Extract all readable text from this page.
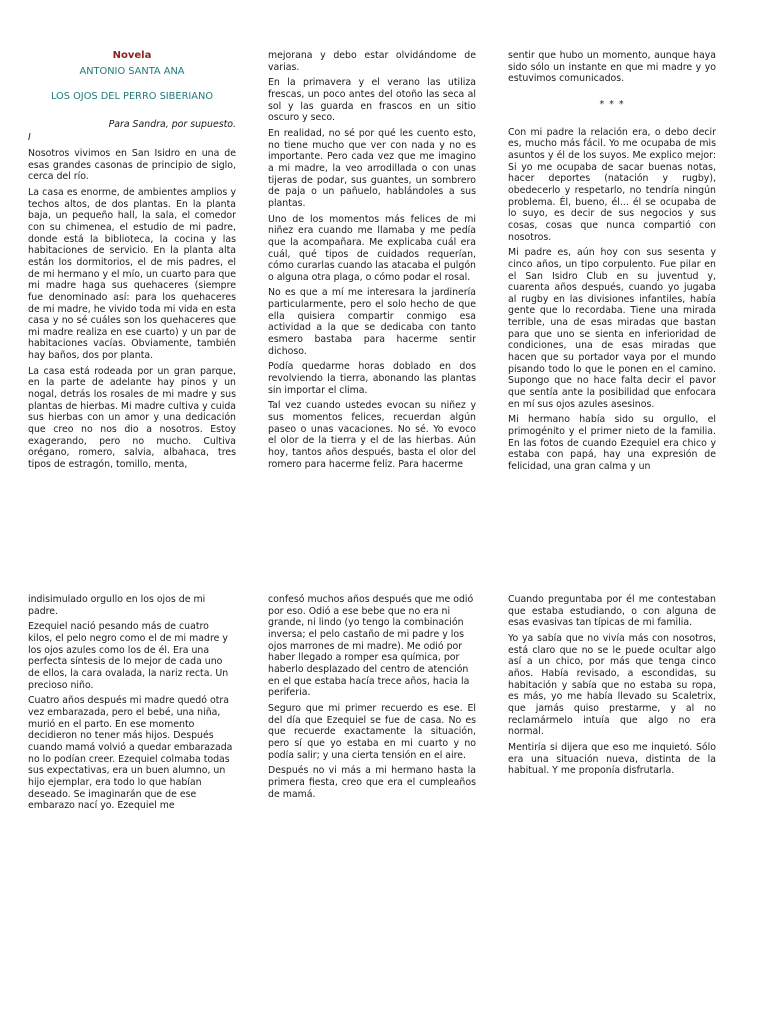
Novela
ANTONIO SANTA ANA
LOS OJOS DEL PERRO SIBERIANO
Para Sandra, por supuesto.
I

Nosotros vivimos en San Isidro en una de esas grandes casonas de principio de siglo, cerca del río.

La casa es enorme, de ambientes amplios y techos altos, de dos plantas. En la planta baja, un pequeño hall, la sala, el comedor con su chimenea, el estudio de mi padre, donde está la biblioteca, la cocina y las habitaciones de servicio. En la planta alta están los dormitorios, el de mis padres, el de mi hermano y el mío, un cuarto para que mi madre haga sus quehaceres (siempre fue denominado así: para los quehaceres de mi madre, he vivido toda mi vida en esta casa y no sé cuáles son los quehaceres que mi madre realiza en ese cuarto) y un par de habitaciones vacías. Obviamente, también hay baños, dos por planta.

La casa está rodeada por un gran parque, en la parte de adelante hay pinos y un nogal, detrás los rosales de mi madre y sus plantas de hierbas. Mi madre cultiva y cuida sus hierbas con un amor y una dedicación que creo no nos dio a nosotros. Estoy exagerando, pero no mucho. Cultiva orégano, romero, salvia, albahaca, tres tipos de estragón, tomillo, menta,

mejorana y debo estar olvidándome de varias.

En la primavera y el verano las utiliza frescas, un poco antes del otoño las seca al sol y las guarda en frascos en un sitio oscuro y seco.

En realidad, no sé por qué les cuento esto, no tiene mucho que ver con nada y no es importante. Pero cada vez que me imagino a mi madre, la veo arrodillada o con unas tijeras de podar, sus guantes, un sombrero de paja o un pañuelo, hablándoles a sus plantas.

Uno de los momentos más felices de mi niñez era cuando me llamaba y me pedía que la acompañara. Me explicaba cuál era cuál, qué tipos de cuidados requerían, cómo curarlas cuando las atacaba el pulgón o alguna otra plaga, o cómo podar el rosal.

No es que a mí me interesara la jardinería particularmente, pero el solo hecho de que ella quisiera compartir conmigo esa actividad a la que se dedicaba con tanto esmero bastaba para hacerme sentir dichoso.

Podía quedarme horas doblado en dos revolviendo la tierra, abonando las plantas sin importar el clima.

Tal vez cuando ustedes evocan su niñez y sus momentos felices, recuerdan algún paseo o unas vacaciones. No sé. Yo evoco el olor de la tierra y el de las hierbas. Aún hoy, tantos años después, basta el olor del romero para hacerme feliz. Para hacerme

sentir que hubo un momento, aunque haya sido sólo un instante en que mi madre y yo estuvimos comunicados.

* * *

Con mi padre la relación era, o debo decir es, mucho más fácil. Yo me ocupaba de mis asuntos y él de los suyos. Me explico mejor: Si yo me ocupaba de sacar buenas notas, hacer deportes (natación y rugby), obedecerlo y respetarlo, no tendría ningún problema. Él, bueno, él... él se ocupaba de lo suyo, es decir de sus negocios y sus cosas, cosas que nunca compartió con nosotros.

Mi padre es, aún hoy con sus sesenta y cinco años, un tipo corpulento. Fue pilar en el San Isidro Club en su juventud y, cuarenta años después, cuando yo jugaba al rugby en las divisiones infantiles, había gente que lo recordaba. Tiene una mirada terrible, una de esas miradas que bastan para que uno se sienta en inferioridad de condiciones, una de esas miradas que hacen que su portador vaya por el mundo pisando todo lo que le ponen en el camino. Supongo que no hace falta decir el pavor que sentía ante la posibilidad que enfocara en mí sus ojos azules asesinos.

Mi hermano había sido su orgullo, el primogénito y el primer nieto de la familia. En las fotos de cuando Ezequiel era chico y estaba con papá, hay una expresión de felicidad, una gran calma y un

indisimulado orgullo en los ojos de mi padre.

Ezequiel nació pesando más de cuatro kilos, el pelo negro como el de mi madre y los ojos azules como los de él. Era una perfecta síntesis de lo mejor de cada uno de ellos, la cara ovalada, la nariz recta. Un precioso niño.

Cuatro años después mi madre quedó otra vez embarazada, pero el bebé, una niña, murió en el parto. En ese momento decidieron no tener más hijos. Después cuando mamá volvió a quedar embarazada no lo podían creer. Ezequiel colmaba todas sus expectativas, era un buen alumno, un hijo ejemplar, era todo lo que habían deseado. Se imaginarán que de ese embarazo nací yo. Ezequiel me

confesó muchos años después que me odió por eso. Odió a ese bebe que no era ni grande, ni lindo (yo tengo la combinación inversa; el pelo castaño de mi padre y los ojos marrones de mi madre). Me odió por haber llegado a romper esa química, por haberlo desplazado del centro de atención en el que estaba hacía trece años, hacia la periferia.

Seguro que mi primer recuerdo es ese. El del día que Ezequiel se fue de casa. No es que recuerde exactamente la situación, pero sí que yo estaba en mi cuarto y no podía salir; y una cierta tensión en el aire.

Después no vi más a mi hermano hasta la primera fiesta, creo que era el cumpleaños de mamá.

Cuando preguntaba por él me contestaban que estaba estudiando, o con alguna de esas evasivas tan típicas de mi familia.

Yo ya sabía que no vivía más con nosotros, está claro que no se le puede ocultar algo así a un chico, por más que tenga cinco años. Había revisado, a escondidas, su habitación y sabía que no estaba su ropa, es más, yo me había llevado su Scaletrix, que jamás quiso prestarme, y al no reclamármelo intuía que algo no era normal.

Mentiría si dijera que eso me inquietó. Sólo era una situación nueva, distinta de la habitual. Y me proponía disfrutarla.
